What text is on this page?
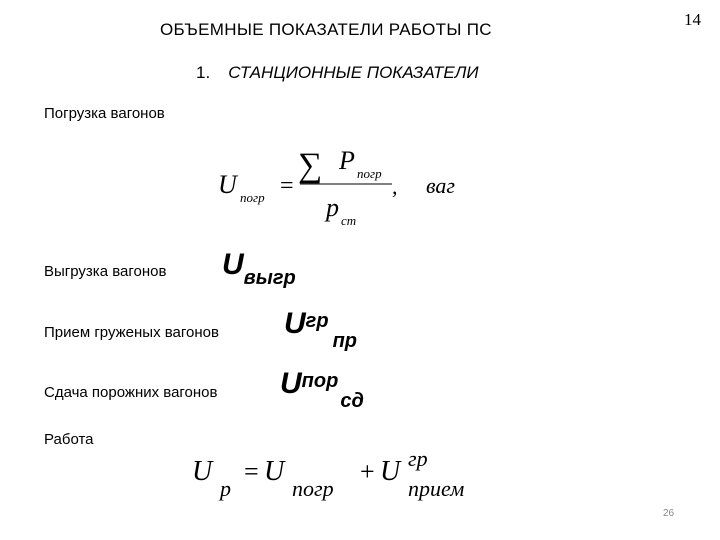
ОБЪЕМНЫЕ ПОКАЗАТЕЛИ РАБОТЫ ПС
14
1. СТАНЦИОННЫЕ ПОКАЗАТЕЛИ
Погрузка вагонов
U погр =
∑ P погр
p ст
, ваг
Выгрузка вагонов Uвыгр
Прием груженых вагонов Uгрпр
Сдача порожних вагонов Uпорсд
Работа
U
р
= U
погр
+ U гр
прием
26
